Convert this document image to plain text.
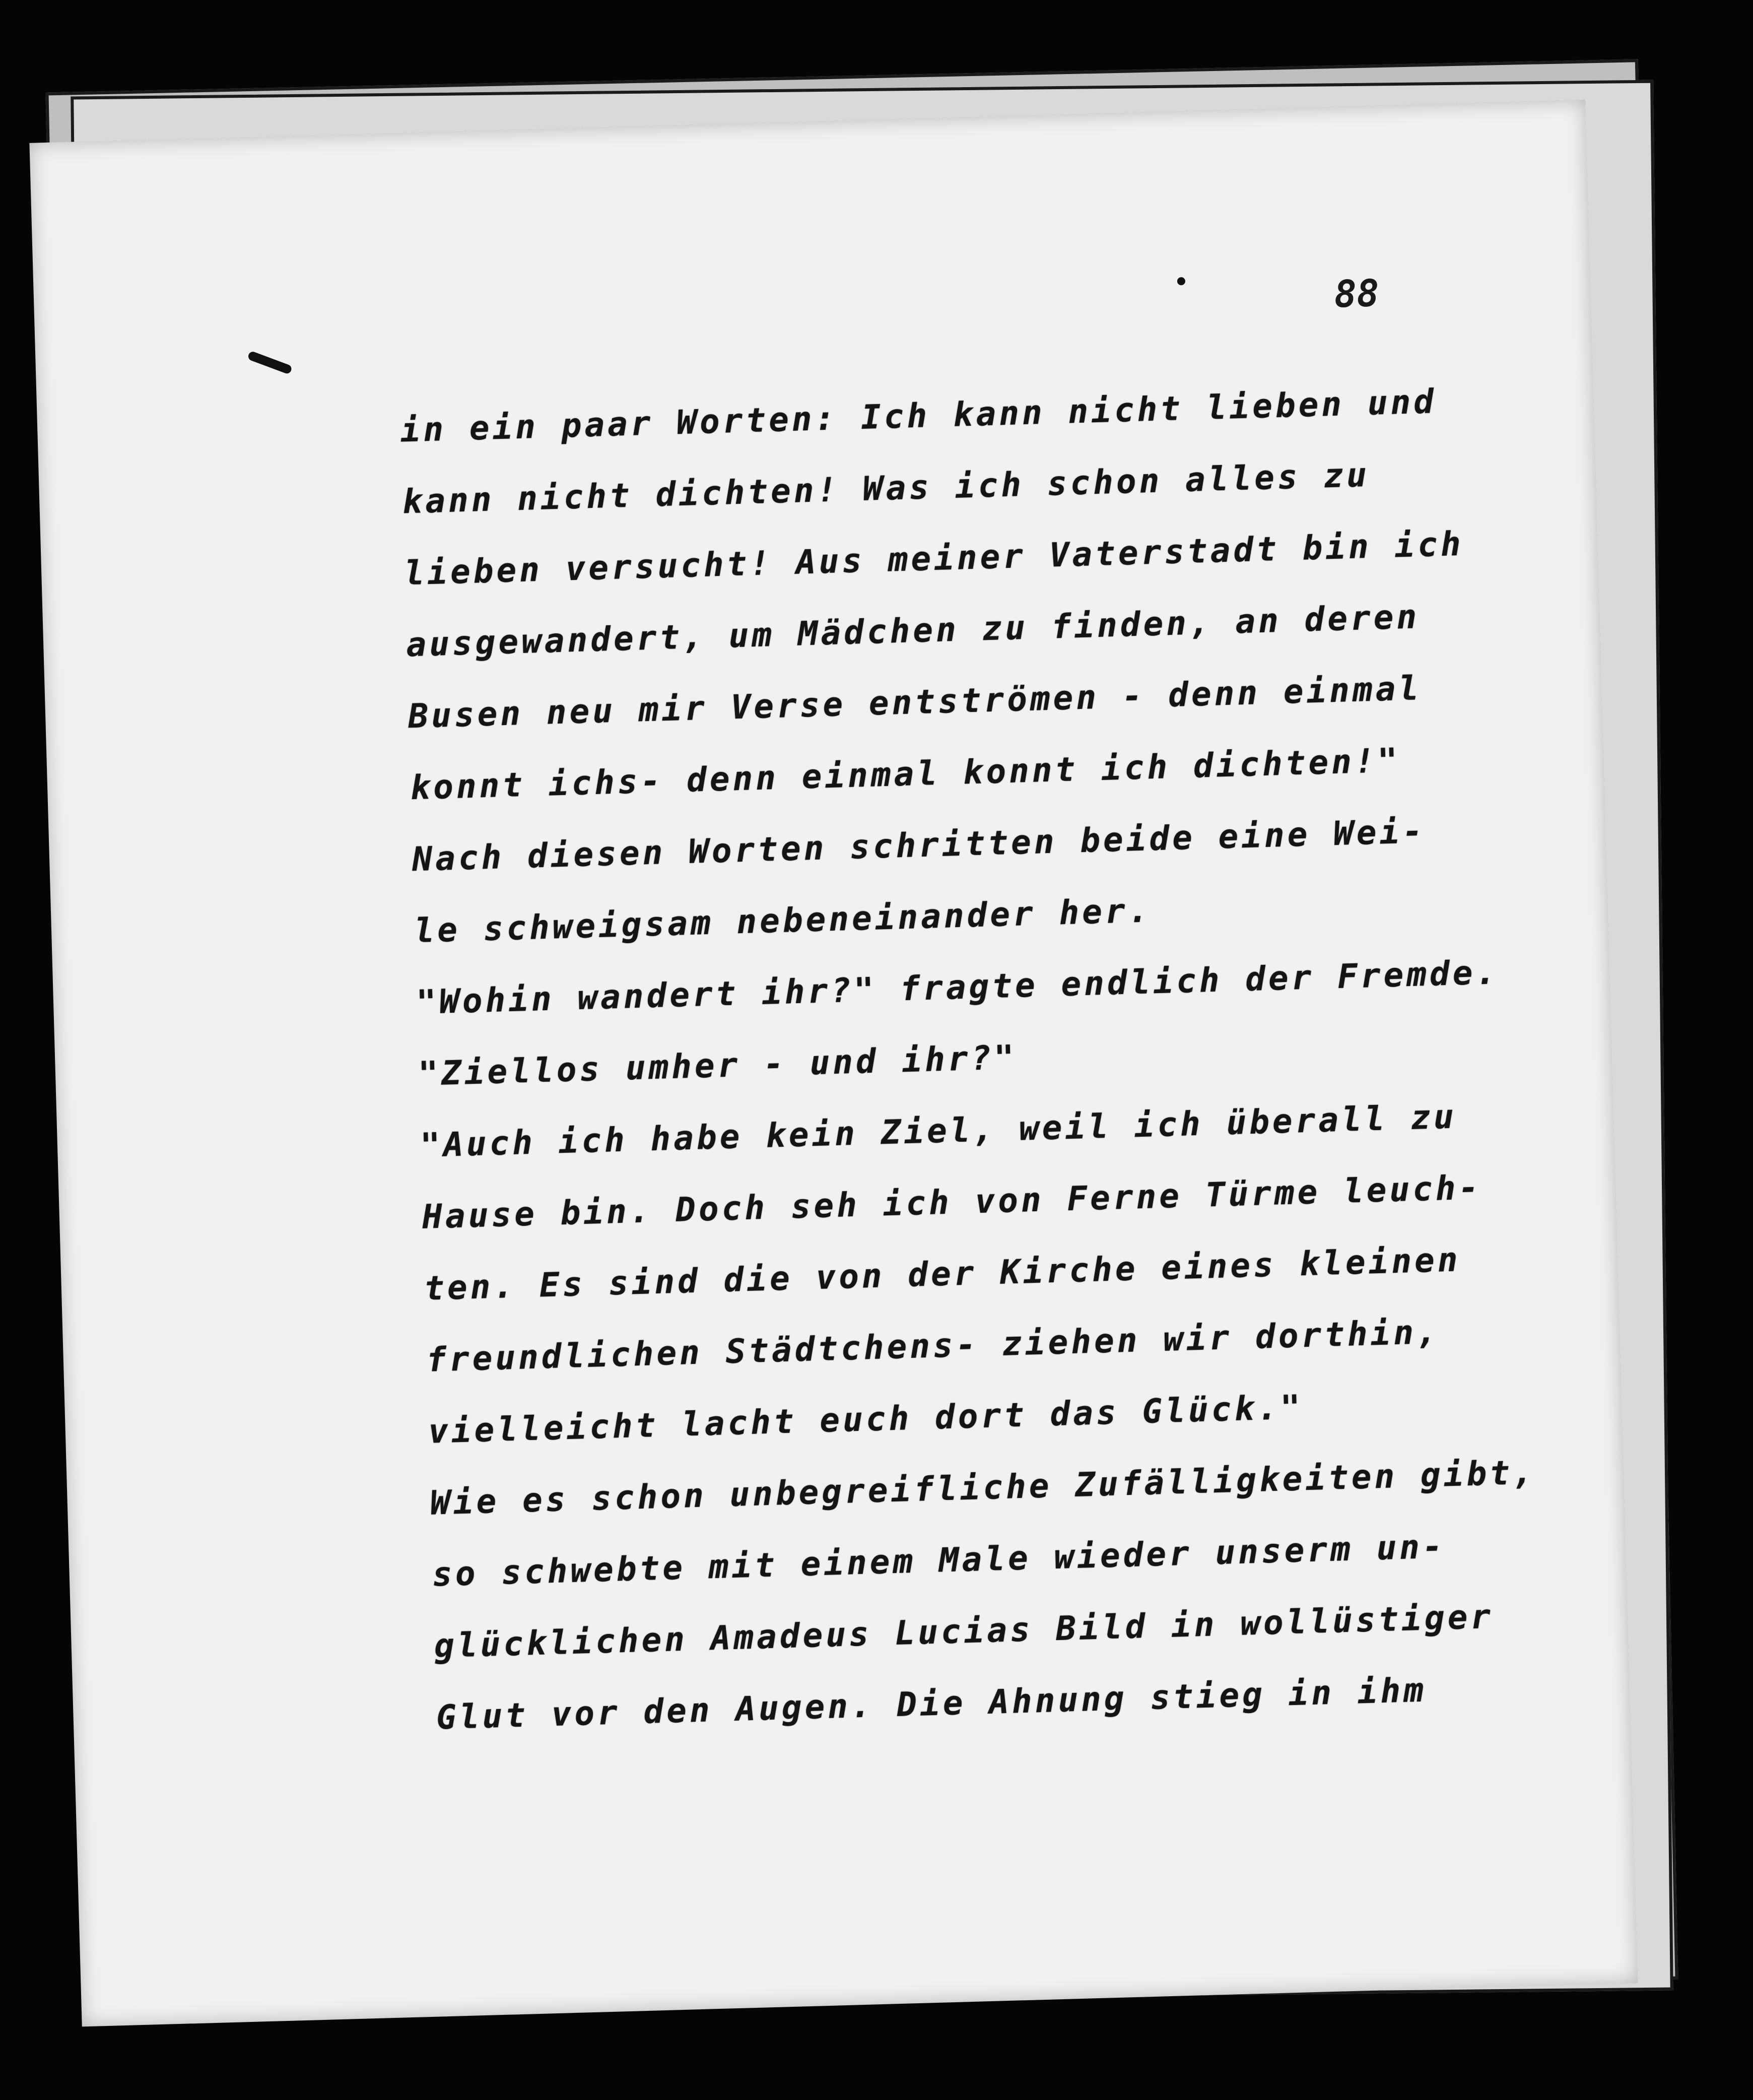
88
in ein paar Worten: Ich kann nicht lieben und
kann nicht dichten! Was ich schon alles zu
lieben versucht! Aus meiner Vaterstadt bin ich
ausgewandert, um Mädchen zu finden, an deren
Busen neu mir Verse entströmen - denn einmal
konnt ichs- denn einmal konnt ich dichten!"
Nach diesen Worten schritten beide eine Wei-
le schweigsam nebeneinander her.
"Wohin wandert ihr?" fragte endlich der Fremde.
"Ziellos umher - und ihr?"
"Auch ich habe kein Ziel, weil ich überall zu
Hause bin. Doch seh ich von Ferne Türme leuch-
ten. Es sind die von der Kirche eines kleinen
freundlichen Städtchens- ziehen wir dorthin,
vielleicht lacht euch dort das Glück."
Wie es schon unbegreifliche Zufälligkeiten gibt,
so schwebte mit einem Male wieder unserm un-
glücklichen Amadeus Lucias Bild in wollüstiger
Glut vor den Augen. Die Ahnung stieg in ihm
